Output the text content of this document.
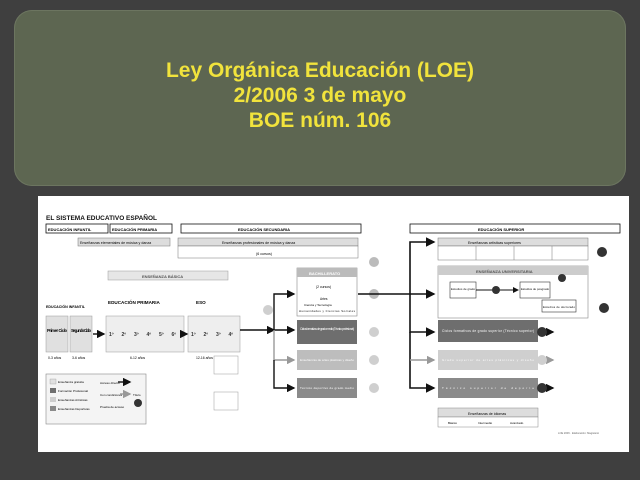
Ley Orgánica Educación (LOE)
2/2006 3 de mayo
BOE núm. 106
EL SISTEMA EDUCATIVO ESPAÑOL
EDUCACIÓN INFANTIL	EDUCACIÓN PRIMARIA	EDUCACIÓN SECUNDARIA	EDUCACIÓN SUPERIOR
Enseñanzas elementales de música y danza	Enseñanzas profesionales de música y danza
(6 cursos)
Enseñanzas artísticas superiores
ENSEÑANZA BÁSICA
EDUCACIÓN INFANTIL
Primer Ciclo Segundo Ciclo
0-3 años	3-6 años
EDUCACIÓN PRIMARIA
1º 2º 3º 4º 5º 6º
6-12 años
ESO
1º 2º 3º 4º
12-16 años
BACHILLERATO
(2 cursos)
Artes
Ciencia y Tecnología
Humanidades y Ciencias Sociales
Ciclos formativos de grado medio (Técnico profesional)
Enseñanzas de artes plásticas y diseño
Técnico deportivo de grado medio
ENSEÑANZA UNIVERSITARIA
Estudios de grado	Estudios de posgrado
Estudios de doctorado
Ciclos formativos de grado superior (Técnico superior)
Grado superior de artes plásticas y diseño
Técnico superior de deporte
Enseñanzas de idiomas
Básico	Intermedio	Avanzado
Enseñanza gratuita
Formación Profesional
Enseñanzas Artísticas
Enseñanzas Deportivas
Acceso directo
Con condiciones
Prueba de acceso
Título
LOE 2006 · Elaboración: Magisterio
